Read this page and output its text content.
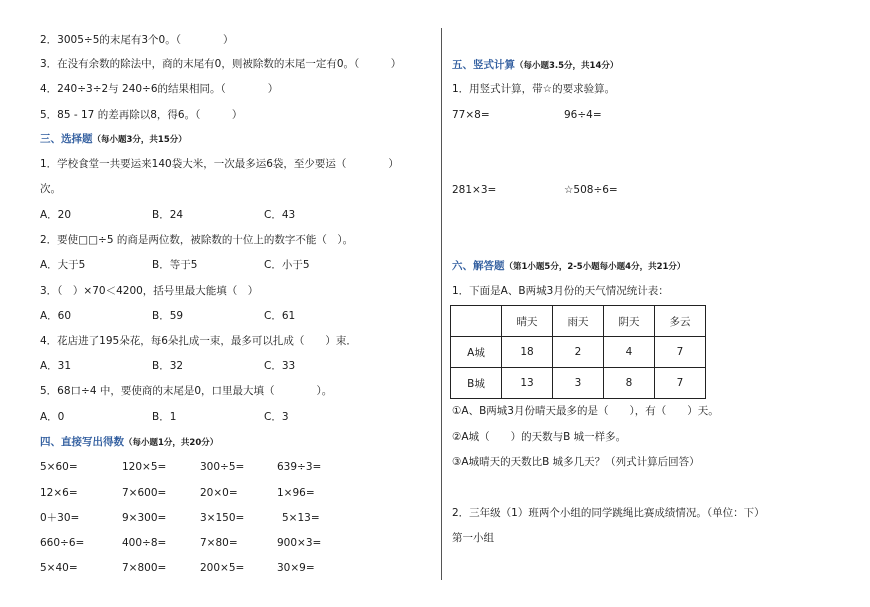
2．3005÷5的末尾有3个0。（　　　　）
3．在没有余数的除法中，商的末尾有0，则被除数的末尾一定有0。（　　　）
4．240÷3÷2与 240÷6的结果相同。（　　　　）
5．85 - 17 的差再除以8，得6。（　　　）
三、选择题（每小题3分，共15分）
1．学校食堂一共要运来140袋大米，一次最多运6袋，至少要运（　　　　）
次。
A．20	B．24	C．43
2．要使□□÷5 的商是两位数，被除数的十位上的数字不能（　）。
A．大于5	B．等于5	C．小于5
3．（　）×70＜4200，括号里最大能填（　）
A．60	B．59	C．61
4．花店进了195朵花，每6朵扎成一束，最多可以扎成（　　）束．
A．31	B．32	C．33
5．68口÷4 中，要使商的末尾是0，口里最大填（　　　　）。
A．0	B．1	C．3
四、直接写出得数（每小题1分，共20分）
5×60=	120×5=	300÷5=	639÷3=
12×6=	7×600=	20×0=	1×96=
0＋30=	9×300=	3×150=	5×13=
660÷6=	400÷8=	7×80=	900×3=
5×40=	7×800=	200×5=	30×9=
五、竖式计算（每小题3.5分，共14分）
1．用竖式计算，带☆的要求验算。
77×8=	96÷4=
281×3=	☆508÷6=
六、解答题（第1小题5分，2-5小题每小题4分，共21分）
1．下面是A、B两城3月份的天气情况统计表：
	晴天	雨天	阴天	多云
A城	18	2	4	7
B城	13	3	8	7
①A、B两城3月份晴天最多的是（　　），有（　　）天。
②A城（　　）的天数与B 城一样多。
③A城晴天的天数比B 城多几天？（列式计算后回答）
2．三年级（1）班两个小组的同学跳绳比赛成绩情况。（单位：下）
第一小组
